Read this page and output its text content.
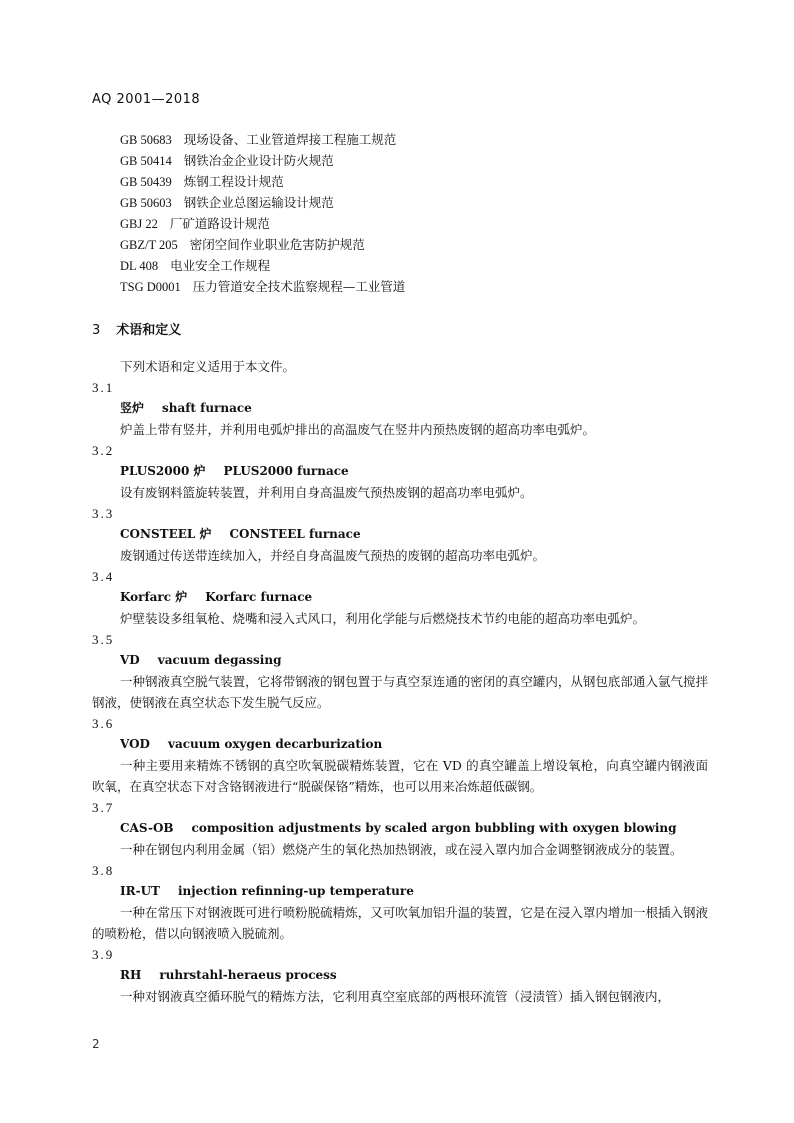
AQ 2001—2018
GB 50683 现场设备、工业管道焊接工程施工规范
GB 50414 钢铁冶金企业设计防火规范
GB 50439 炼钢工程设计规范
GB 50603 钢铁企业总图运输设计规范
GBJ 22 厂矿道路设计规范
GBZ/T 205 密闭空间作业职业危害防护规范
DL 408 电业安全工作规程
TSG D0001 压力管道安全技术监察规程—工业管道
3 术语和定义
下列术语和定义适用于本文件。
3.1
竖炉 shaft furnace
炉盖上带有竖井，并利用电弧炉排出的高温废气在竖井内预热废钢的超高功率电弧炉。
3.2
PLUS2000 炉 PLUS2000 furnace
设有废钢料篮旋转装置，并利用自身高温废气预热废钢的超高功率电弧炉。
3.3
CONSTEEL 炉 CONSTEEL furnace
废钢通过传送带连续加入，并经自身高温废气预热的废钢的超高功率电弧炉。
3.4
Korfarc 炉 Korfarc furnace
炉壁装设多组氧枪、烧嘴和浸入式风口，利用化学能与后燃烧技术节约电能的超高功率电弧炉。
3.5
VD vacuum degassing
一种钢液真空脱气装置，它将带钢液的钢包置于与真空泵连通的密闭的真空罐内，从钢包底部通入氩气搅拌钢液，使钢液在真空状态下发生脱气反应。
3.6
VOD vacuum oxygen decarburization
一种主要用来精炼不锈钢的真空吹氧脱碳精炼装置，它在 VD 的真空罐盖上增设氧枪，向真空罐内钢液面吹氧，在真空状态下对含铬钢液进行“脱碳保铬”精炼，也可以用来冶炼超低碳钢。
3.7
CAS-OB composition adjustments by scaled argon bubbling with oxygen blowing
一种在钢包内利用金属（铝）燃烧产生的氧化热加热钢液，或在浸入罩内加合金调整钢液成分的装置。
3.8
IR-UT injection refinning-up temperature
一种在常压下对钢液既可进行喷粉脱硫精炼，又可吹氧加铝升温的装置，它是在浸入罩内增加一根插入钢液的喷粉枪，借以向钢液喷入脱硫剂。
3.9
RH ruhrstahl-heraeus process
一种对钢液真空循环脱气的精炼方法，它利用真空室底部的两根环流管（浸渍管）插入钢包钢液内，
2
